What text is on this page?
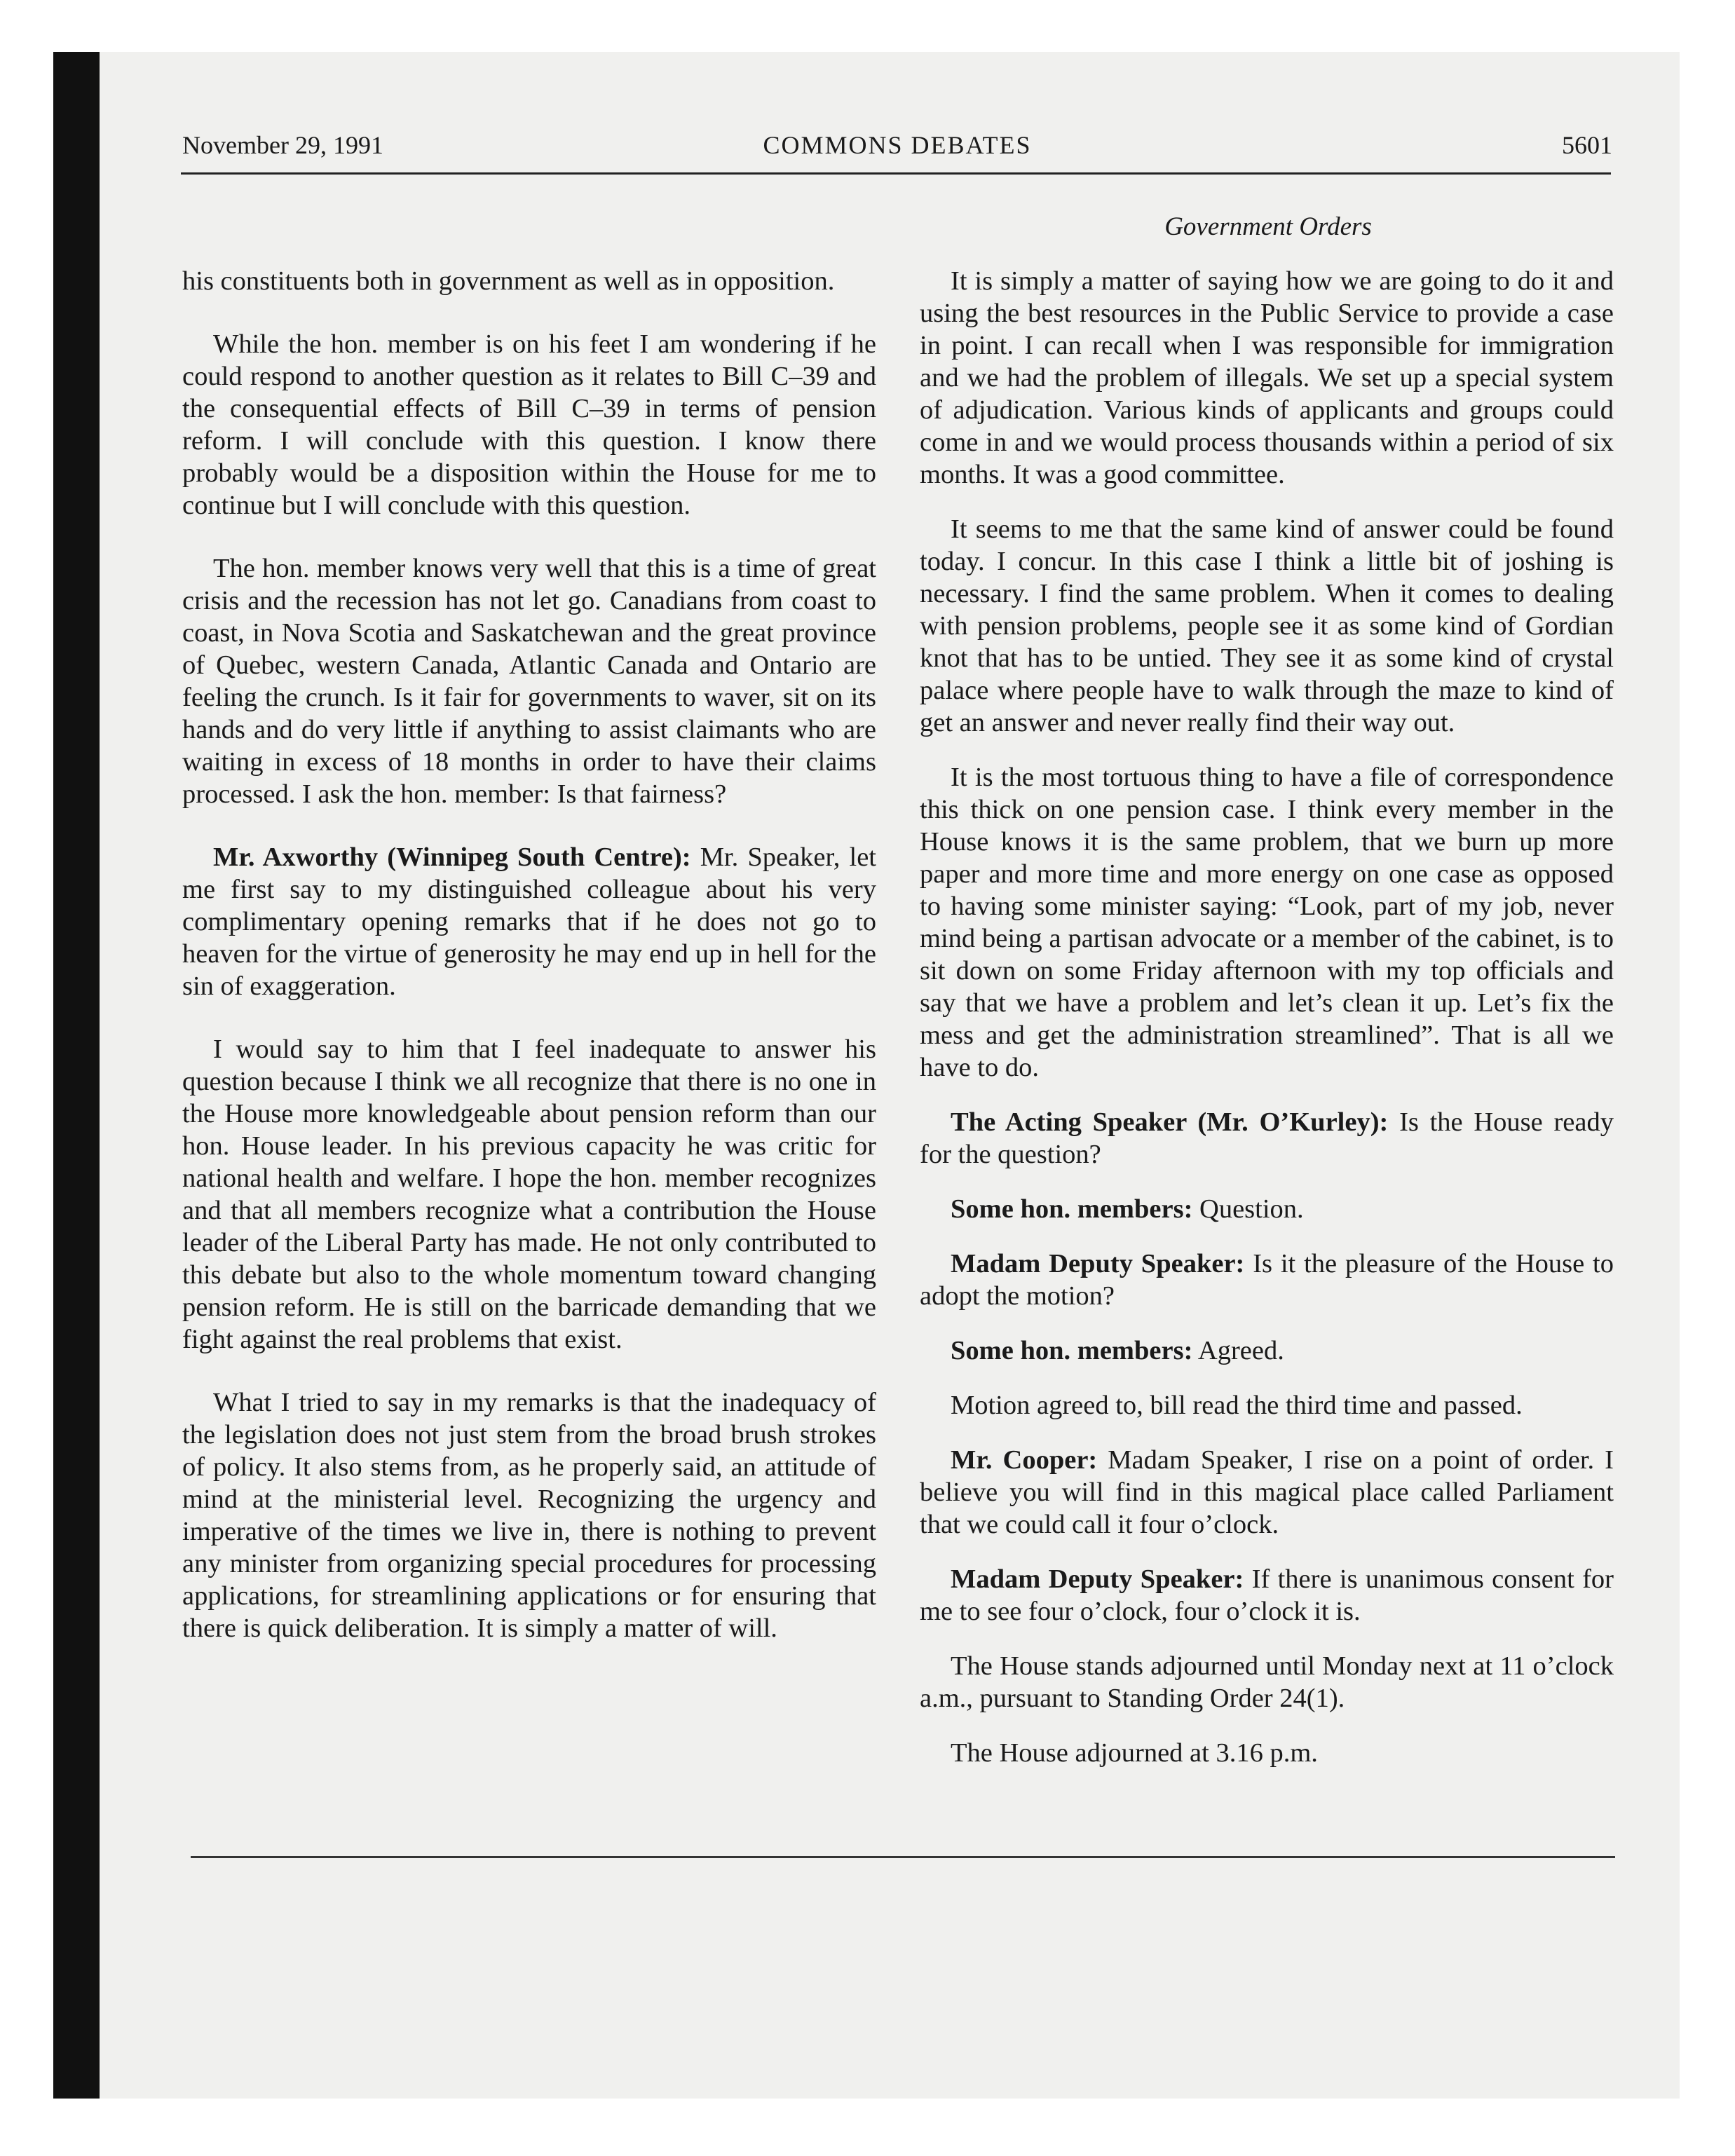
November 29, 1991	COMMONS DEBATES	5601
Government Orders

his constituents both in government as well as in opposition.

While the hon. member is on his feet I am wondering if he could respond to another question as it relates to Bill C–39 and the consequential effects of Bill C–39 in terms of pension reform. I will conclude with this question. I know there probably would be a disposition within the House for me to continue but I will conclude with this question.

The hon. member knows very well that this is a time of great crisis and the recession has not let go. Canadians from coast to coast, in Nova Scotia and Saskatchewan and the great province of Quebec, western Canada, Atlantic Canada and Ontario are feeling the crunch. Is it fair for governments to waver, sit on its hands and do very little if anything to assist claimants who are waiting in excess of 18 months in order to have their claims processed. I ask the hon. member: Is that fairness?

Mr. Axworthy (Winnipeg South Centre): Mr. Speaker, let me first say to my distinguished colleague about his very complimentary opening remarks that if he does not go to heaven for the virtue of generosity he may end up in hell for the sin of exaggeration.

I would say to him that I feel inadequate to answer his question because I think we all recognize that there is no one in the House more knowledgeable about pension reform than our hon. House leader. In his previous capacity he was critic for national health and welfare. I hope the hon. member recognizes and that all members recognize what a contribution the House leader of the Liberal Party has made. He not only contributed to this debate but also to the whole momentum toward changing pension reform. He is still on the barricade demanding that we fight against the real problems that exist.

What I tried to say in my remarks is that the inadequacy of the legislation does not just stem from the broad brush strokes of policy. It also stems from, as he properly said, an attitude of mind at the ministerial level. Recognizing the urgency and imperative of the times we live in, there is nothing to prevent any minister from organizing special procedures for processing applications, for streamlining applications or for ensuring that there is quick deliberation. It is simply a matter of will.

It is simply a matter of saying how we are going to do it and using the best resources in the Public Service to provide a case in point. I can recall when I was responsible for immigration and we had the problem of illegals. We set up a special system of adjudication. Various kinds of applicants and groups could come in and we would process thousands within a period of six months. It was a good committee.

It seems to me that the same kind of answer could be found today. I concur. In this case I think a little bit of joshing is necessary. I find the same problem. When it comes to dealing with pension problems, people see it as some kind of Gordian knot that has to be untied. They see it as some kind of crystal palace where people have to walk through the maze to kind of get an answer and never really find their way out.

It is the most tortuous thing to have a file of correspondence this thick on one pension case. I think every member in the House knows it is the same problem, that we burn up more paper and more time and more energy on one case as opposed to having some minister saying: “Look, part of my job, never mind being a partisan advocate or a member of the cabinet, is to sit down on some Friday afternoon with my top officials and say that we have a problem and let’s clean it up. Let’s fix the mess and get the administration streamlined”. That is all we have to do.

The Acting Speaker (Mr. O’Kurley): Is the House ready for the question?

Some hon. members: Question.

Madam Deputy Speaker: Is it the pleasure of the House to adopt the motion?

Some hon. members: Agreed.

Motion agreed to, bill read the third time and passed.

Mr. Cooper: Madam Speaker, I rise on a point of order. I believe you will find in this magical place called Parliament that we could call it four o’clock.

Madam Deputy Speaker: If there is unanimous consent for me to see four o’clock, four o’clock it is.

The House stands adjourned until Monday next at 11 o’clock a.m., pursuant to Standing Order 24(1).

The House adjourned at 3.16 p.m.
